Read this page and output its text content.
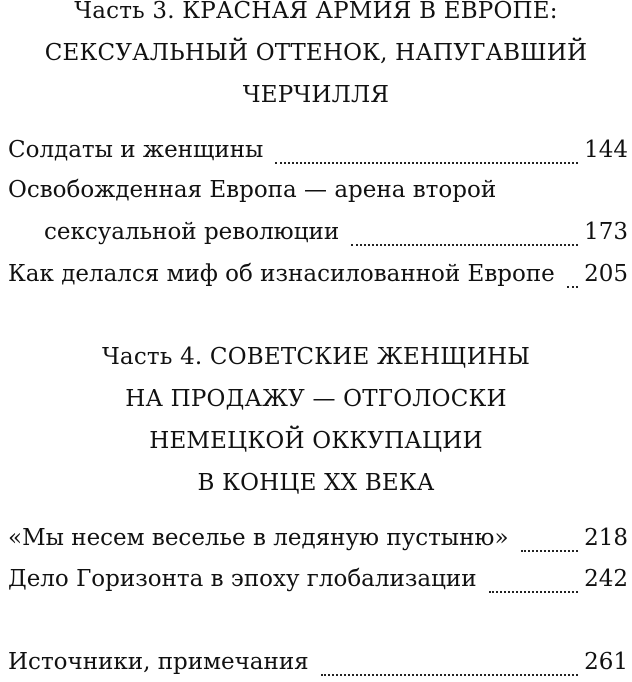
Часть 3. КРАСНАЯ АРМИЯ В ЕВРОПЕ:
СЕКСУАЛЬНЫЙ ОТТЕНОК, НАПУГАВШИЙ
ЧЕРЧИЛЛЯ
Солдаты и женщины	144
Освобожденная Европа — арена второй
сексуальной революции	173
Как делался миф об изнасилованной Европе	205
Часть 4. СОВЕТСКИЕ ЖЕНЩИНЫ
НА ПРОДАЖУ — ОТГОЛОСКИ
НЕМЕЦКОЙ ОККУПАЦИИ
В КОНЦЕ XX ВЕКА
«Мы несем веселье в ледяную пустыню»	218
Дело Горизонта в эпоху глобализации	242
Источники, примечания	261
